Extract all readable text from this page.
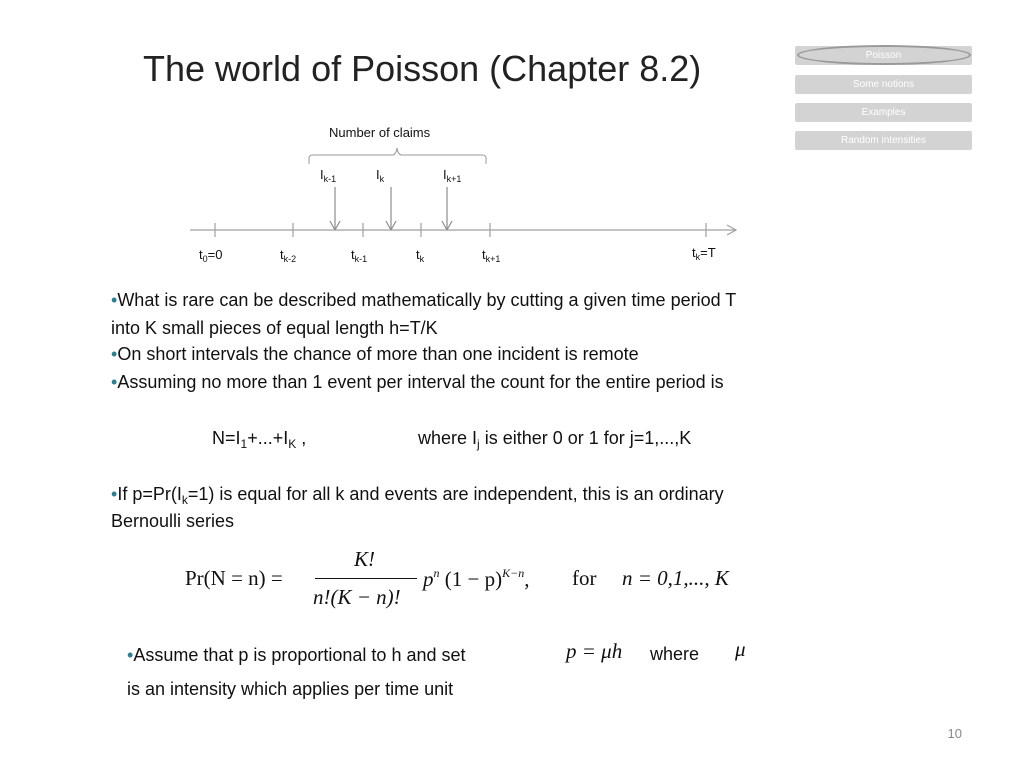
The world of Poisson (Chapter 8.2)	Poisson
Some notions
Examples
Random intensities
Number of claims
$I_{k-1}$	$I_k$	$I_{k+1}$
$t_0=0$	$t_{k-2}$	$t_{k-1}$	$t_k$	$t_{k+1}$	$t_k=T$
•What is rare can be described mathematically by cutting a given time period T
into K small pieces of equal length h=T/K
•On short intervals the chance of more than one incident is remote
•Assuming no more than 1 event per interval the count for the entire period is
$N=I_1+...+I_K$ ,	where $I_j$ is either 0 or 1 for j=1,...,K
•If $p=Pr(I_k=1)$ is equal for all k and events are independent, this is an ordinary
Bernoulli series
Pr(N = n) =
K!
n!(K − n)!
$p^n$ $(1 - p)^{K-n}$, for n = 0,1,..., K
•Assume that p is proportional to h and set	p = μh where μ
is an intensity which applies per time unit
10
